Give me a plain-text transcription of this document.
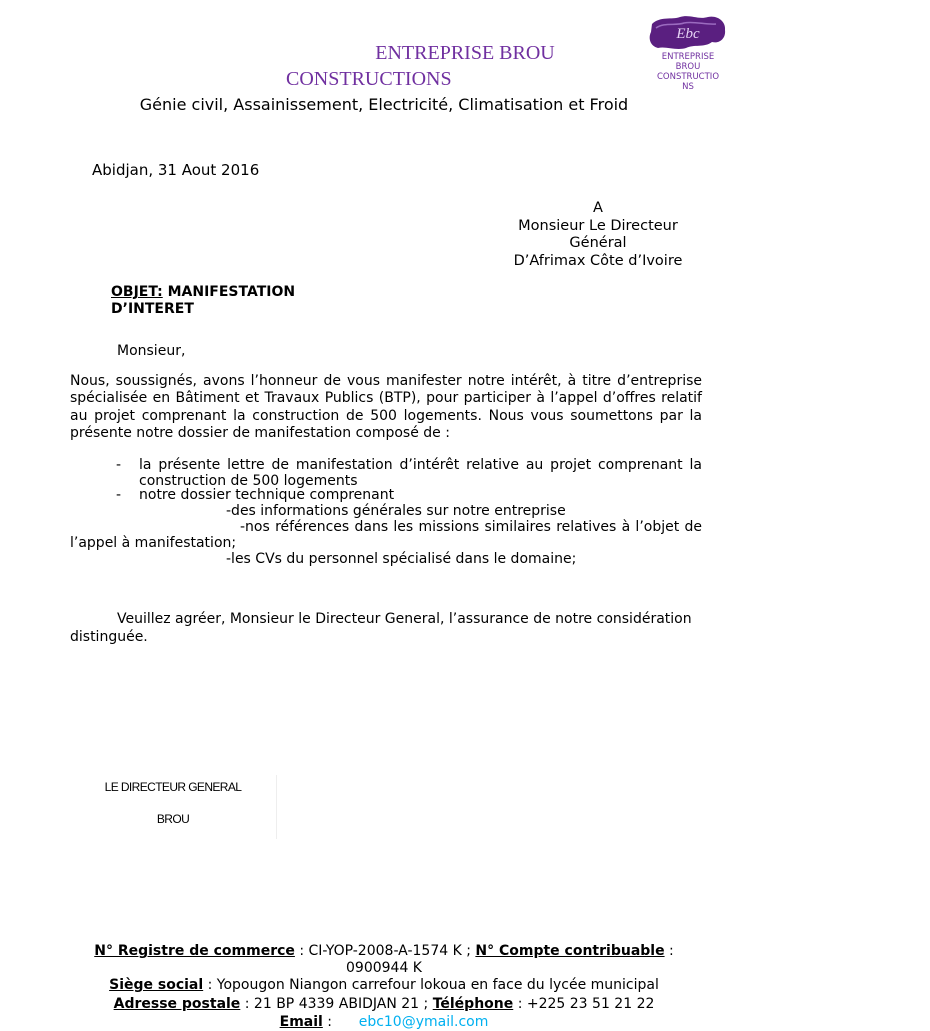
Ebc
ENTREPRISE
BROU
CONSTRUCTIO
NS
ENTREPRISE BROU
CONSTRUCTIONS
Génie civil, Assainissement, Electricité, Climatisation et Froid
Abidjan, 31 Aout 2016
A
Monsieur Le Directeur
Général
D’Afrimax Côte d’Ivoire
OBJET: MANIFESTATION D’INTERET
Monsieur,
Nous, soussignés, avons l’honneur de vous manifester notre intérêt, à titre d’entreprise spécialisée en Bâtiment et Travaux Publics (BTP), pour participer à l’appel d’offres relatif au projet comprenant la construction de 500 logements. Nous vous soumettons par la présente notre dossier de manifestation composé de :
- la présente lettre de manifestation d’intérêt relative au projet comprenant la construction de 500 logements
- notre dossier technique comprenant
-des informations générales sur notre entreprise
-nos références dans les missions similaires relatives à l’objet de l’appel à manifestation;
-les CVs du personnel spécialisé dans le domaine;
Veuillez agréer, Monsieur le Directeur General, l’assurance de notre considération distinguée.
LE DIRECTEUR GENERAL
BROU
N° Registre de commerce : CI-YOP-2008-A-1574 K ; N° Compte contribuable : 0900944 K
Siège social : Yopougon Niangon carrefour lokoua en face du lycée municipal
Adresse postale : 21 BP 4339 ABIDJAN 21 ; Téléphone : +225 23 51 21 22
Email :      ebc10@ymail.com
